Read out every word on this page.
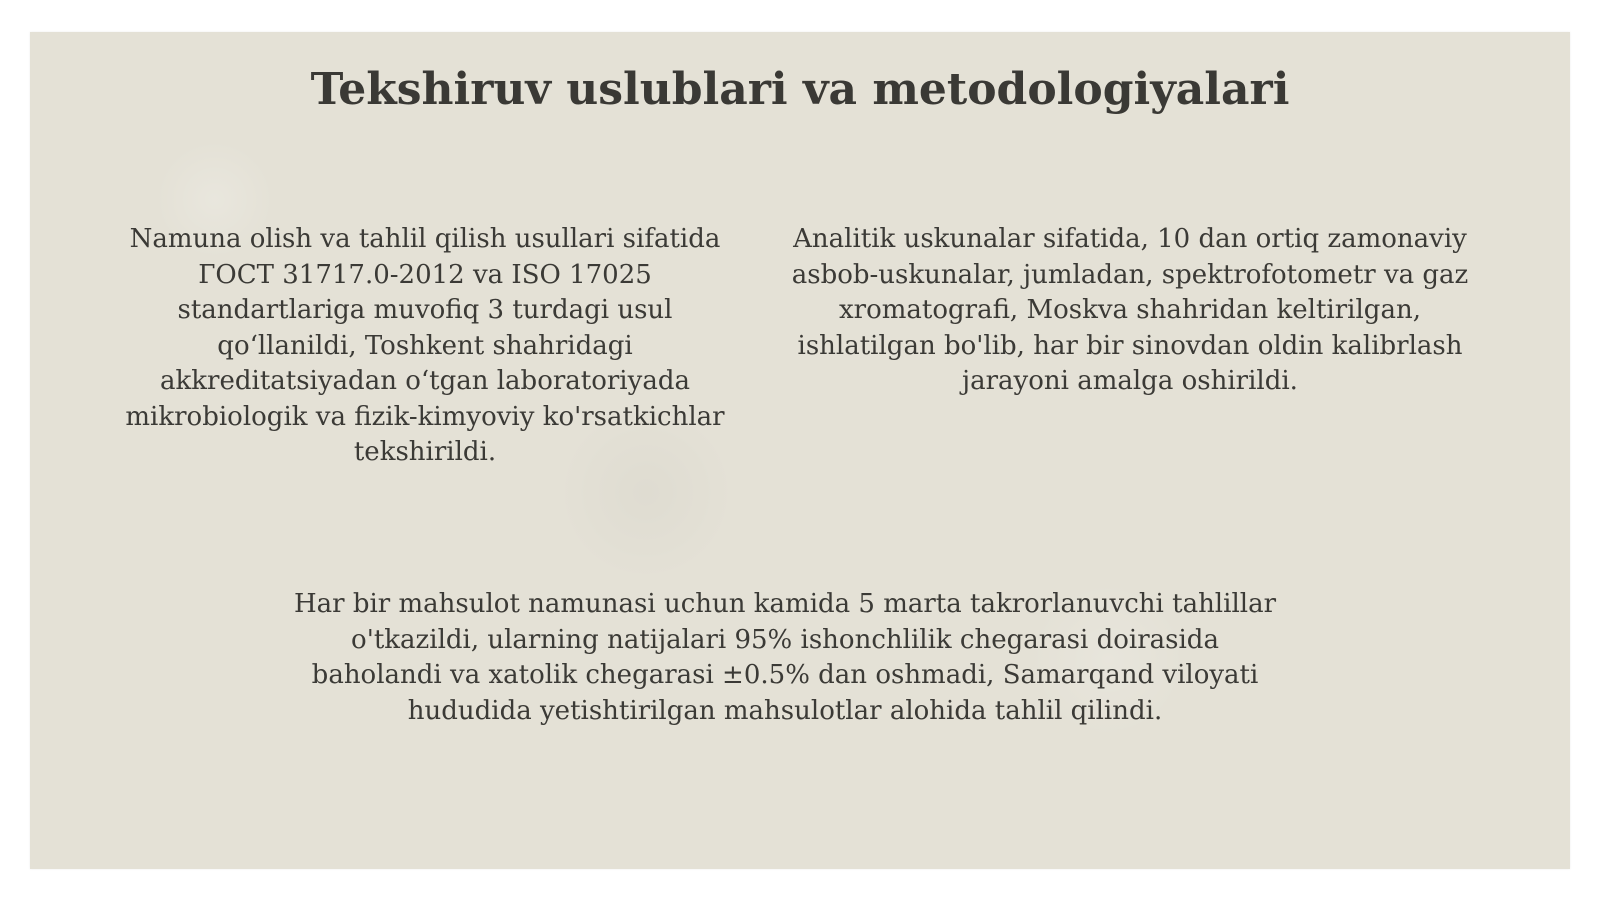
Tekshiruv uslublari va metodologiyalari

Namuna olish va tahlil qilish usullari sifatida ГОСТ 31717.0-2012 va ISO 17025 standartlariga muvofiq 3 turdagi usul qoʻllanildi, Toshkent shahridagi akkreditatsiyadan oʻtgan laboratoriyada mikrobiologik va fizik-kimyoviy ko'rsatkichlar tekshirildi.

Analitik uskunalar sifatida, 10 dan ortiq zamonaviy asbob-uskunalar, jumladan, spektrofotometr va gaz xromatografi, Moskva shahridan keltirilgan, ishlatilgan bo'lib, har bir sinovdan oldin kalibrlash jarayoni amalga oshirildi.

Har bir mahsulot namunasi uchun kamida 5 marta takrorlanuvchi tahlillar o'tkazildi, ularning natijalari 95% ishonchlilik chegarasi doirasida baholandi va xatolik chegarasi ±0.5% dan oshmadi, Samarqand viloyati hududida yetishtirilgan mahsulotlar alohida tahlil qilindi.
